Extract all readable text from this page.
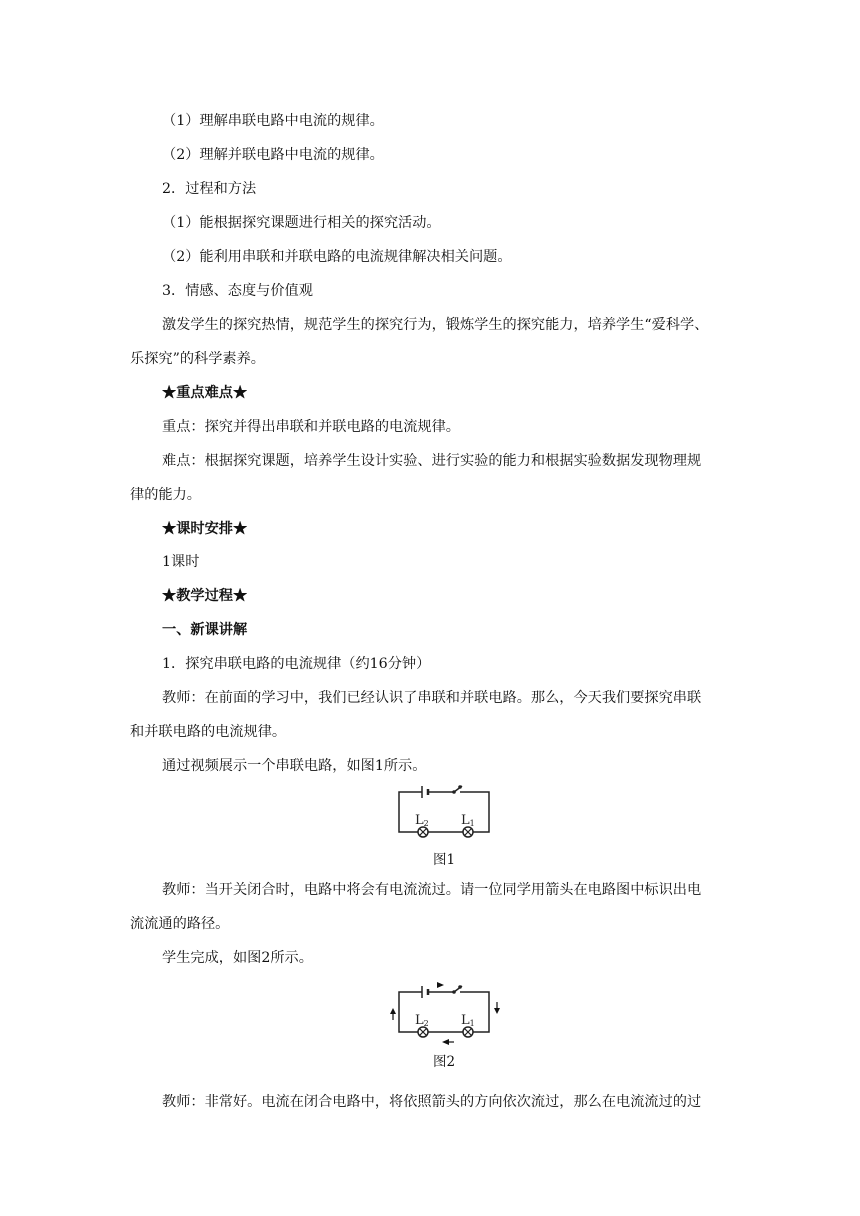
（1）理解串联电路中电流的规律。
（2）理解并联电路中电流的规律。
2．过程和方法
（1）能根据探究课题进行相关的探究活动。
（2）能利用串联和并联电路的电流规律解决相关问题。
3．情感、态度与价值观
激发学生的探究热情，规范学生的探究行为，锻炼学生的探究能力，培养学生“爱科学、
乐探究”的科学素养。
★重点难点★
重点：探究并得出串联和并联电路的电流规律。
难点：根据探究课题，培养学生设计实验、进行实验的能力和根据实验数据发现物理规
律的能力。
★课时安排★
1课时
★教学过程★
一、新课讲解
1．探究串联电路的电流规律（约16分钟）
教师：在前面的学习中，我们已经认识了串联和并联电路。那么，今天我们要探究串联
和并联电路的电流规律。
通过视频展示一个串联电路，如图1所示。
L2 L1
图1
教师：当开关闭合时，电路中将会有电流流过。请一位同学用箭头在电路图中标识出电
流流通的路径。
学生完成，如图2所示。
L2 L1
图2
教师：非常好。电流在闭合电路中，将依照箭头的方向依次流过，那么在电流流过的过
